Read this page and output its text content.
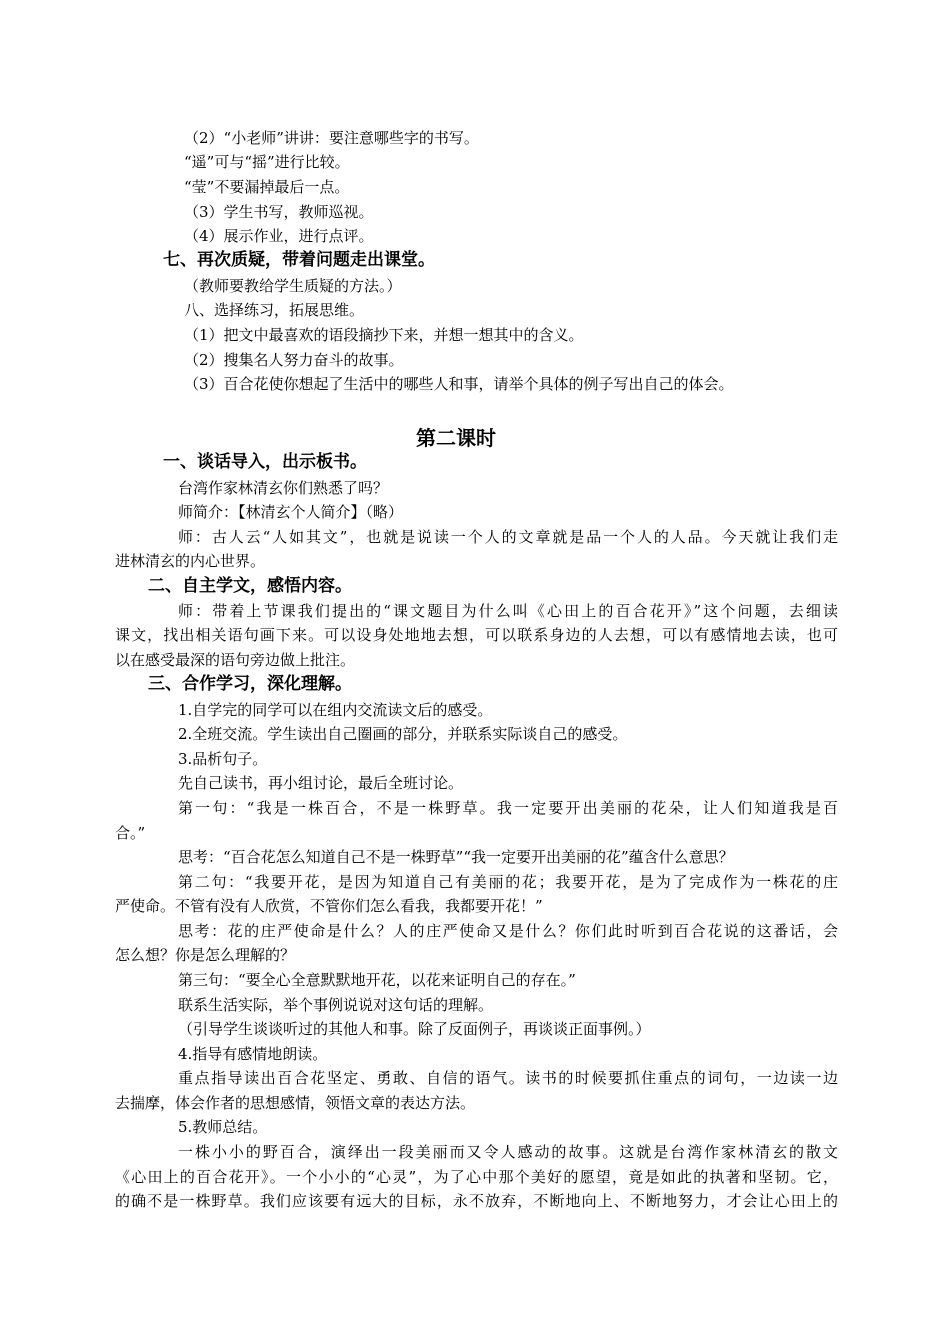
（2）“小老师”讲讲：要注意哪些字的书写。
“遥”可与“摇”进行比较。
“莹”不要漏掉最后一点。
（3）学生书写，教师巡视。
（4）展示作业，进行点评。
七、再次质疑，带着问题走出课堂。
（教师要教给学生质疑的方法。）
八、选择练习，拓展思维。
（1）把文中最喜欢的语段摘抄下来，并想一想其中的含义。
（2）搜集名人努力奋斗的故事。
（3）百合花使你想起了生活中的哪些人和事，请举个具体的例子写出自己的体会。
第二课时
一、谈话导入，出示板书。
台湾作家林清玄你们熟悉了吗？
师简介：【林清玄个人简介】（略）
师：古人云“人如其文”，也就是说读一个人的文章就是品一个人的人品。今天就让我们走
进林清玄的内心世界。
二、自主学文，感悟内容。
师：带着上节课我们提出的“课文题目为什么叫《心田上的百合花开》”这个问题，去细读
课文，找出相关语句画下来。可以设身处地地去想，可以联系身边的人去想，可以有感情地去读，也可
以在感受最深的语句旁边做上批注。
三、合作学习，深化理解。
1.自学完的同学可以在组内交流读文后的感受。
2.全班交流。学生读出自己圈画的部分，并联系实际谈自己的感受。
3.品析句子。
先自己读书，再小组讨论，最后全班讨论。
第一句：“我是一株百合，不是一株野草。我一定要开出美丽的花朵，让人们知道我是百
合。”
思考：“百合花怎么知道自己不是一株野草”“我一定要开出美丽的花”蕴含什么意思？
第二句：“我要开花，是因为知道自己有美丽的花；我要开花，是为了完成作为一株花的庄
严使命。不管有没有人欣赏，不管你们怎么看我，我都要开花！”
思考：花的庄严使命是什么？人的庄严使命又是什么？你们此时听到百合花说的这番话，会
怎么想？你是怎么理解的？
第三句：“要全心全意默默地开花，以花来证明自己的存在。”
联系生活实际，举个事例说说对这句话的理解。
（引导学生谈谈听过的其他人和事。除了反面例子，再谈谈正面事例。）
4.指导有感情地朗读。
重点指导读出百合花坚定、勇敢、自信的语气。读书的时候要抓住重点的词句，一边读一边
去揣摩，体会作者的思想感情，领悟文章的表达方法。
5.教师总结。
一株小小的野百合，演绎出一段美丽而又令人感动的故事。这就是台湾作家林清玄的散文
《心田上的百合花开》。一个小小的“心灵”，为了心中那个美好的愿望，竟是如此的执著和坚韧。它，
的确不是一株野草。我们应该要有远大的目标，永不放弃，不断地向上、不断地努力，才会让心田上的
